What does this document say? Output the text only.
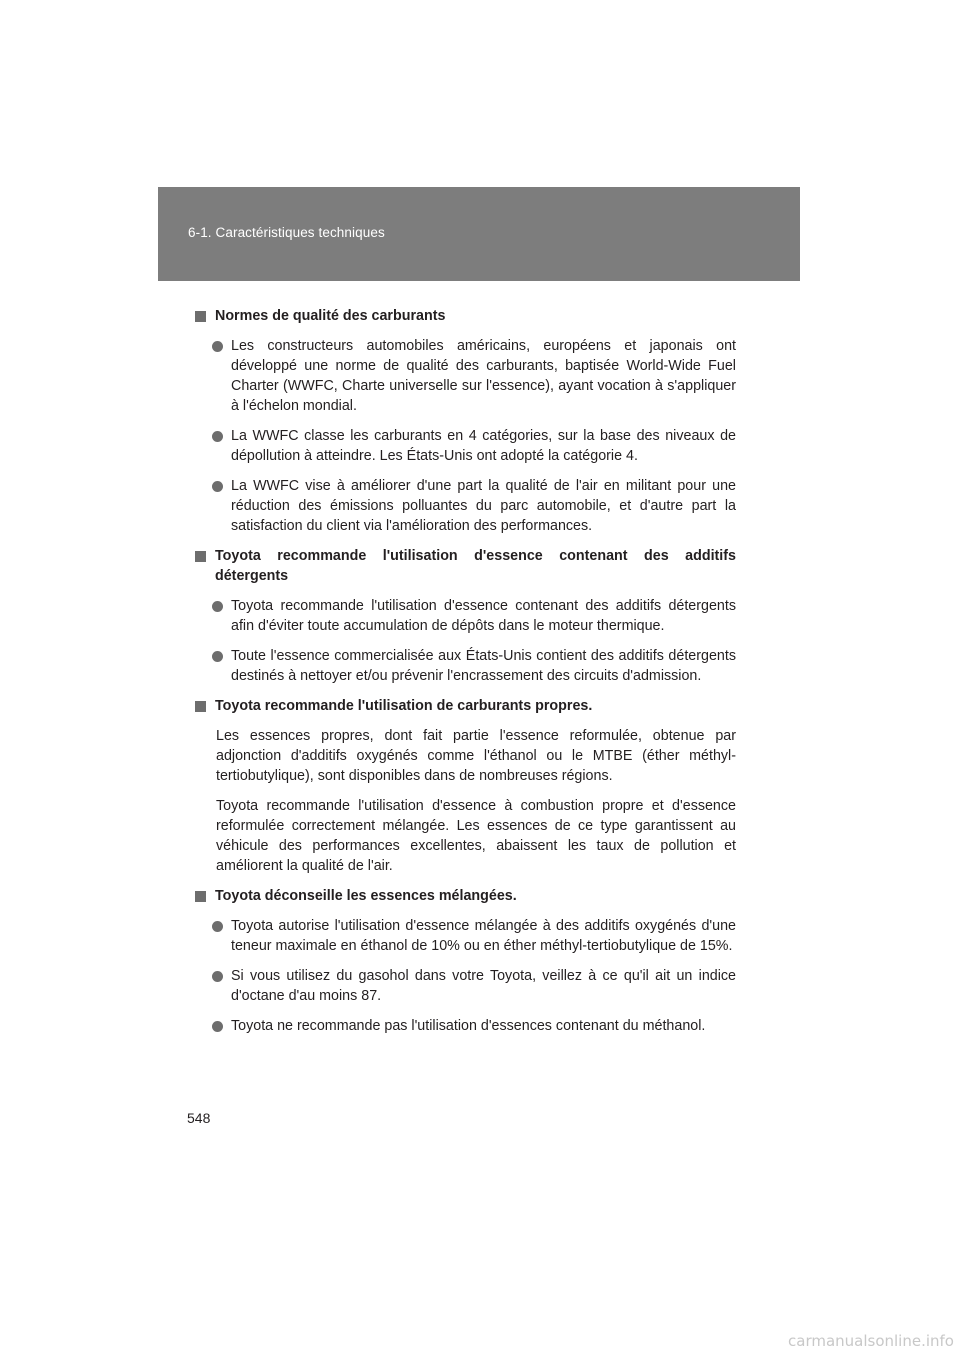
6-1. Caractéristiques techniques
Normes de qualité des carburants
Les constructeurs automobiles américains, européens et japonais ont développé une norme de qualité des carburants, baptisée World-Wide Fuel Charter (WWFC, Charte universelle sur l'essence), ayant vocation à s'appliquer à l'échelon mondial.
La WWFC classe les carburants en 4 catégories, sur la base des niveaux de dépollution à atteindre. Les États-Unis ont adopté la catégorie 4.
La WWFC vise à améliorer d'une part la qualité de l'air en militant pour une réduction des émissions polluantes du parc automobile, et d'autre part la satisfaction du client via l'amélioration des performances.
Toyota recommande l'utilisation d'essence contenant des additifs détergents
Toyota recommande l'utilisation d'essence contenant des additifs détergents afin d'éviter toute accumulation de dépôts dans le moteur thermique.
Toute l'essence commercialisée aux États-Unis contient des additifs détergents destinés à nettoyer et/ou prévenir l'encrassement des circuits d'admission.
Toyota recommande l'utilisation de carburants propres.
Les essences propres, dont fait partie l'essence reformulée, obtenue par adjonction d'additifs oxygénés comme l'éthanol ou le MTBE (éther méthyl-tertiobutylique), sont disponibles dans de nombreuses régions.
Toyota recommande l'utilisation d'essence à combustion propre et d'essence reformulée correctement mélangée. Les essences de ce type garantissent au véhicule des performances excellentes, abaissent les taux de pollution et améliorent la qualité de l'air.
Toyota déconseille les essences mélangées.
Toyota autorise l'utilisation d'essence mélangée à des additifs oxygénés d'une teneur maximale en éthanol de 10% ou en éther méthyl-tertiobutylique de 15%.
Si vous utilisez du gasohol dans votre Toyota, veillez à ce qu'il ait un indice d'octane d'au moins 87.
Toyota ne recommande pas l'utilisation d'essences contenant du méthanol.
548
carmanualsonline.info
